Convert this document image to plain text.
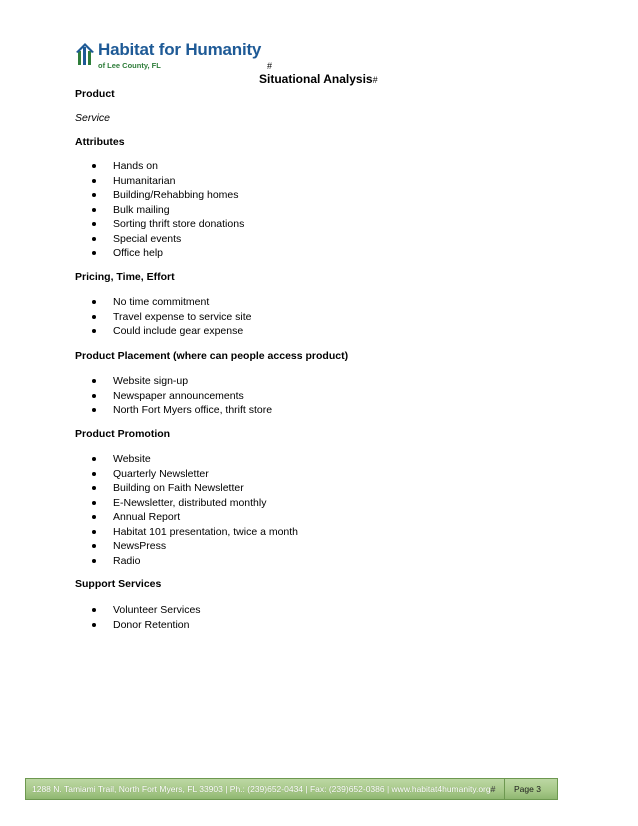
Habitat for Humanity
of Lee County, FL	#
Situational Analysis#
Product
Service
Attributes
Hands on
Humanitarian
Building/Rehabbing homes
Bulk mailing
Sorting thrift store donations
Special events
Office help
Pricing, Time, Effort
No time commitment
Travel expense to service site
Could include gear expense
Product Placement (where can people access product)
Website sign-up
Newspaper announcements
North Fort Myers office, thrift store
Product Promotion
Website
Quarterly Newsletter
Building on Faith Newsletter
E-Newsletter, distributed monthly
Annual Report
Habitat 101 presentation, twice a month
NewsPress
Radio
Support Services
Volunteer Services
Donor Retention
1288 N. Tamiami Trail, North Fort Myers, FL 33903 | Ph.: (239)652-0434 | Fax: (239)652-0386 | www.habitat4humanity.org# Page 3
